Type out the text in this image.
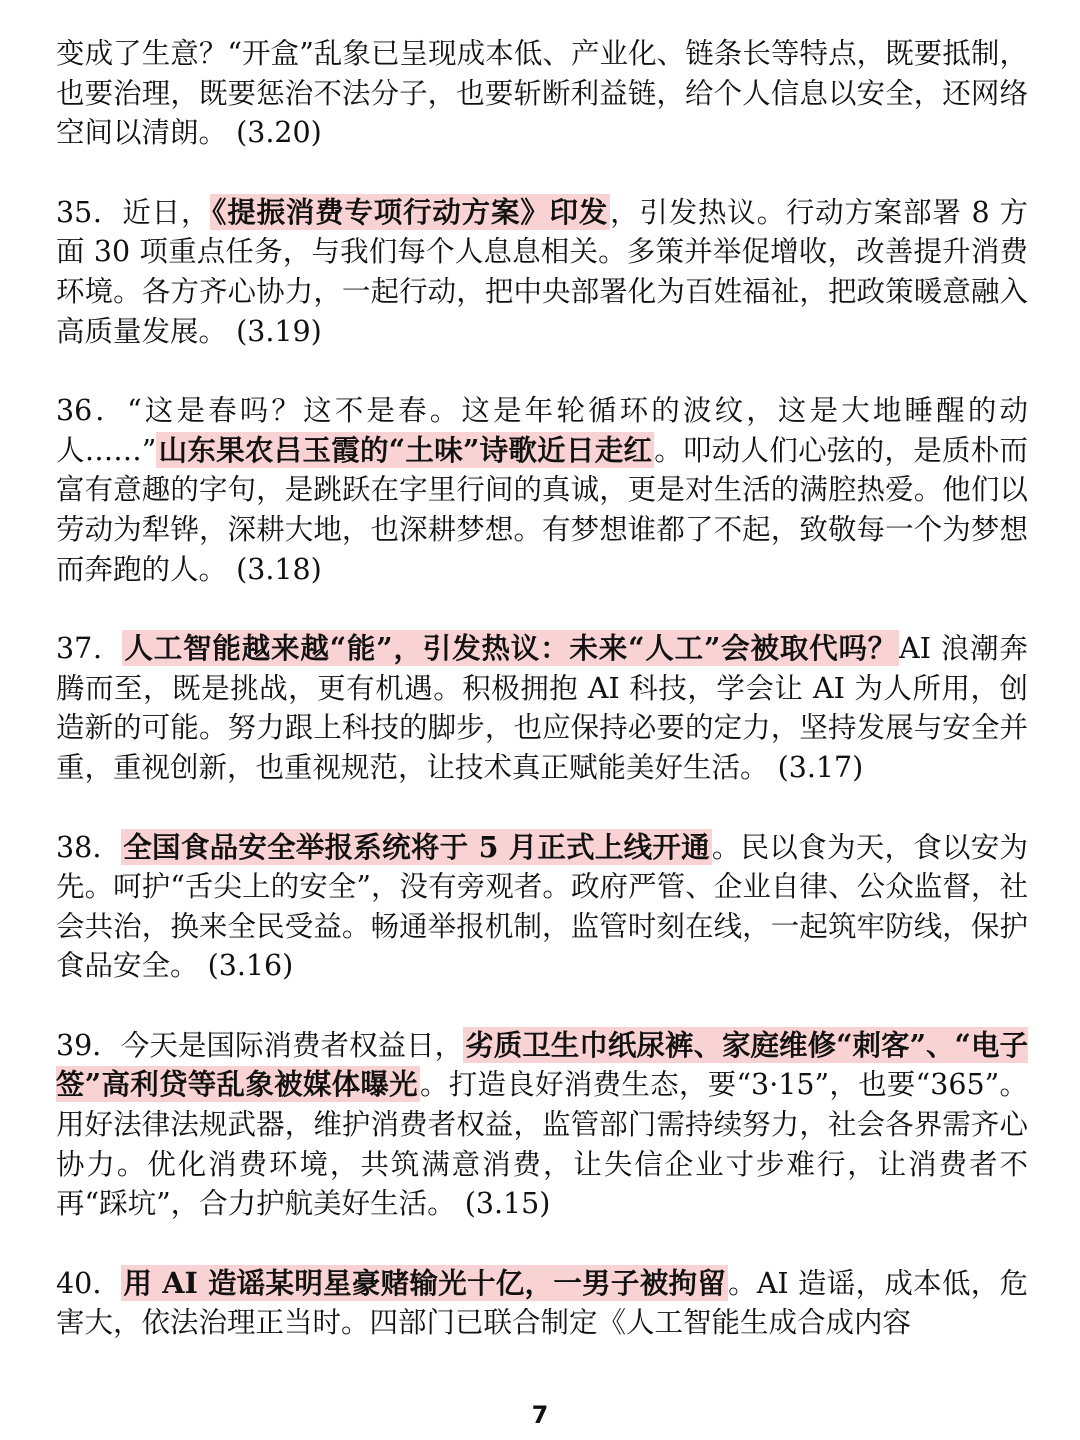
变成了生意？“开盒”乱象已呈现成本低、产业化、链条长等特点，既要抵制，也要治理，既要惩治不法分子，也要斩断利益链，给个人信息以安全，还网络空间以清朗。 (3.20)

35．近日，《提振消费专项行动方案》印发，引发热议。行动方案部署 8 方面 30 项重点任务，与我们每个人息息相关。多策并举促增收，改善提升消费环境。各方齐心协力，一起行动，把中央部署化为百姓福祉，把政策暖意融入高质量发展。 (3.19)

36．“这是春吗？这不是春。这是年轮循环的波纹，这是大地睡醒的动人……”山东果农吕玉霞的“土味”诗歌近日走红。叩动人们心弦的，是质朴而富有意趣的字句，是跳跃在字里行间的真诚，更是对生活的满腔热爱。他们以劳动为犁铧，深耕大地，也深耕梦想。有梦想谁都了不起，致敬每一个为梦想而奔跑的人。 (3.18)

37．人工智能越来越“能”，引发热议：未来“人工”会被取代吗？AI 浪潮奔腾而至，既是挑战，更有机遇。积极拥抱 AI 科技，学会让 AI 为人所用，创造新的可能。努力跟上科技的脚步，也应保持必要的定力，坚持发展与安全并重，重视创新，也重视规范，让技术真正赋能美好生活。 (3.17)

38．全国食品安全举报系统将于 5 月正式上线开通。民以食为天，食以安为先。呵护“舌尖上的安全”，没有旁观者。政府严管、企业自律、公众监督，社会共治，换来全民受益。畅通举报机制，监管时刻在线，一起筑牢防线，保护食品安全。 (3.16)

39．今天是国际消费者权益日，劣质卫生巾纸尿裤、家庭维修“刺客”、“电子签”高利贷等乱象被媒体曝光。打造良好消费生态，要“3·15”，也要“365”。用好法律法规武器，维护消费者权益，监管部门需持续努力，社会各界需齐心协力。优化消费环境，共筑满意消费，让失信企业寸步难行，让消费者不再“踩坑”，合力护航美好生活。 (3.15)

40．用 AI 造谣某明星豪赌输光十亿，一男子被拘留。AI 造谣，成本低，危害大，依法治理正当时。四部门已联合制定《人工智能生成合成内容

7
